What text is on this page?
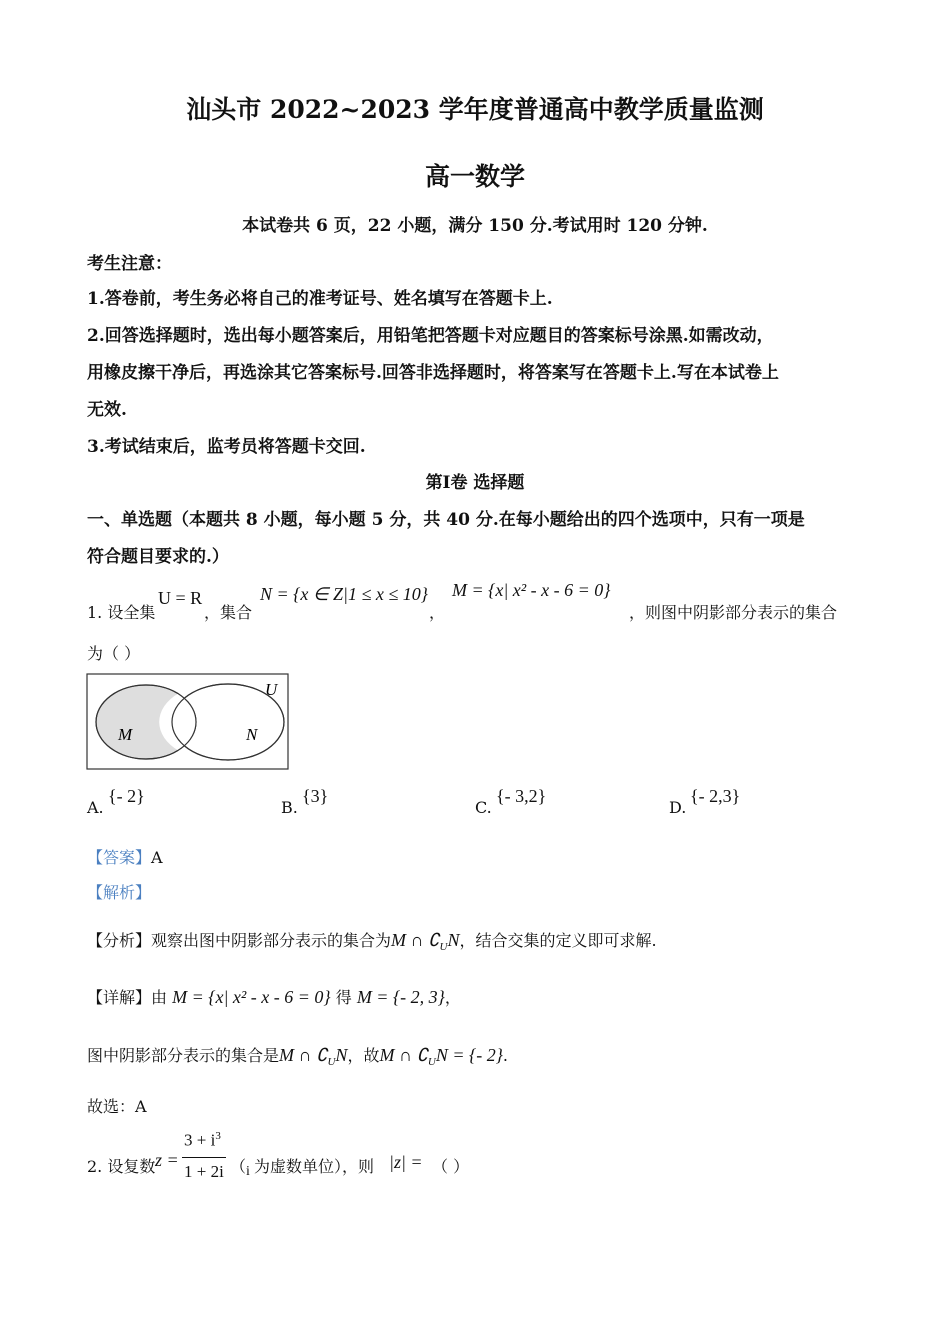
汕头市 2022~2023 学年度普通高中教学质量监测
高一数学
本试卷共 6 页，22 小题，满分 150 分.考试用时 120 分钟.
考生注意：
1.答卷前，考生务必将自己的准考证号、姓名填写在答题卡上.
2.回答选择题时，选出每小题答案后，用铅笔把答题卡对应题目的答案标号涂黑.如需改动，
用橡皮擦干净后，再选涂其它答案标号.回答非选择题时，将答案写在答题卡上.写在本试卷上
无效.
3.考试结束后，监考员将答题卡交回.
第Ⅰ卷 选择题
一、单选题（本题共 8 小题，每小题 5 分，共 40 分.在每小题给出的四个选项中，只有一项是
符合题目要求的.）
1. 设全集
U = R
，集合
N = {x ∈ Z|1 ≤ x ≤ 10}
，
M = {x| x² - x - 6 = 0}
，则图中阴影部分表示的集合
为（ ）
U
M	N
A.
{- 2}
B.
{3}
C.
{- 3,2}
D.
{- 2,3}
【答案】A
【解析】
【分析】观察出图中阴影部分表示的集合为M ∩ $∁_UN$，结合交集的定义即可求解.
【详解】由 M = {x| x² - x - 6 = 0} 得 M = {- 2, 3}，
图中阴影部分表示的集合是M ∩ $∁_UN$，故M ∩ $∁_UN$ = {- 2}.
故选：A
2. 设复数 z =
$3 + i^3$
1 + 2i （ i 为虚数单位），则 |z| = （ ）
